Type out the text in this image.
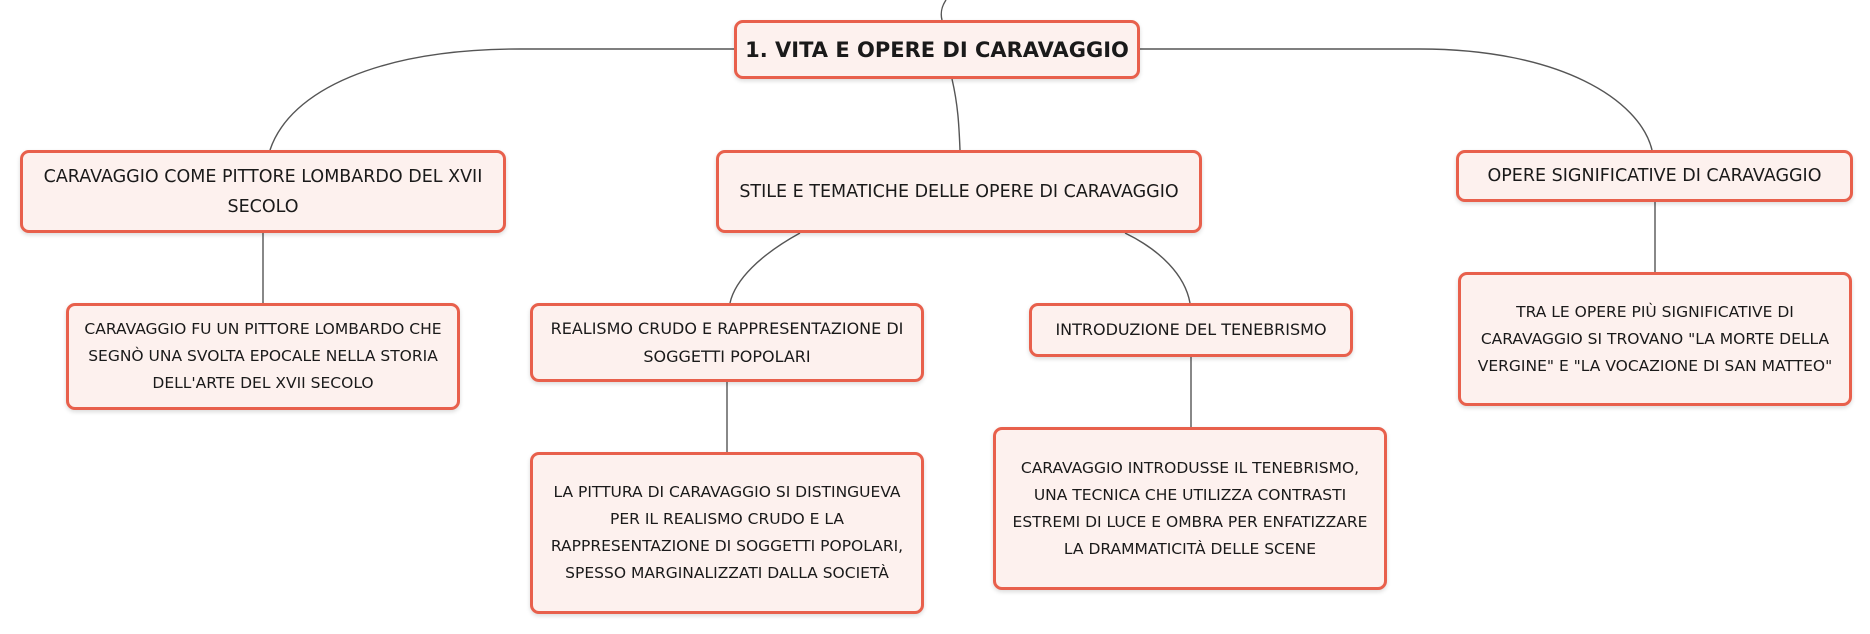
1. VITA E OPERE DI CARAVAGGIO
CARAVAGGIO COME PITTORE LOMBARDO DEL XVII SECOLO
STILE E TEMATICHE DELLE OPERE DI CARAVAGGIO
OPERE SIGNIFICATIVE DI CARAVAGGIO
CARAVAGGIO FU UN PITTORE LOMBARDO CHE SEGNÒ UNA SVOLTA EPOCALE NELLA STORIA DELL'ARTE DEL XVII SECOLO
REALISMO CRUDO E RAPPRESENTAZIONE DI SOGGETTI POPOLARI
INTRODUZIONE DEL TENEBRISMO
LA PITTURA DI CARAVAGGIO SI DISTINGUEVA PER IL REALISMO CRUDO E LA RAPPRESENTAZIONE DI SOGGETTI POPOLARI, SPESSO MARGINALIZZATI DALLA SOCIETÀ
CARAVAGGIO INTRODUSSE IL TENEBRISMO, UNA TECNICA CHE UTILIZZA CONTRASTI ESTREMI DI LUCE E OMBRA PER ENFATIZZARE LA DRAMMATICITÀ DELLE SCENE
TRA LE OPERE PIÙ SIGNIFICATIVE DI CARAVAGGIO SI TROVANO "LA MORTE DELLA VERGINE" E "LA VOCAZIONE DI SAN MATTEO"
